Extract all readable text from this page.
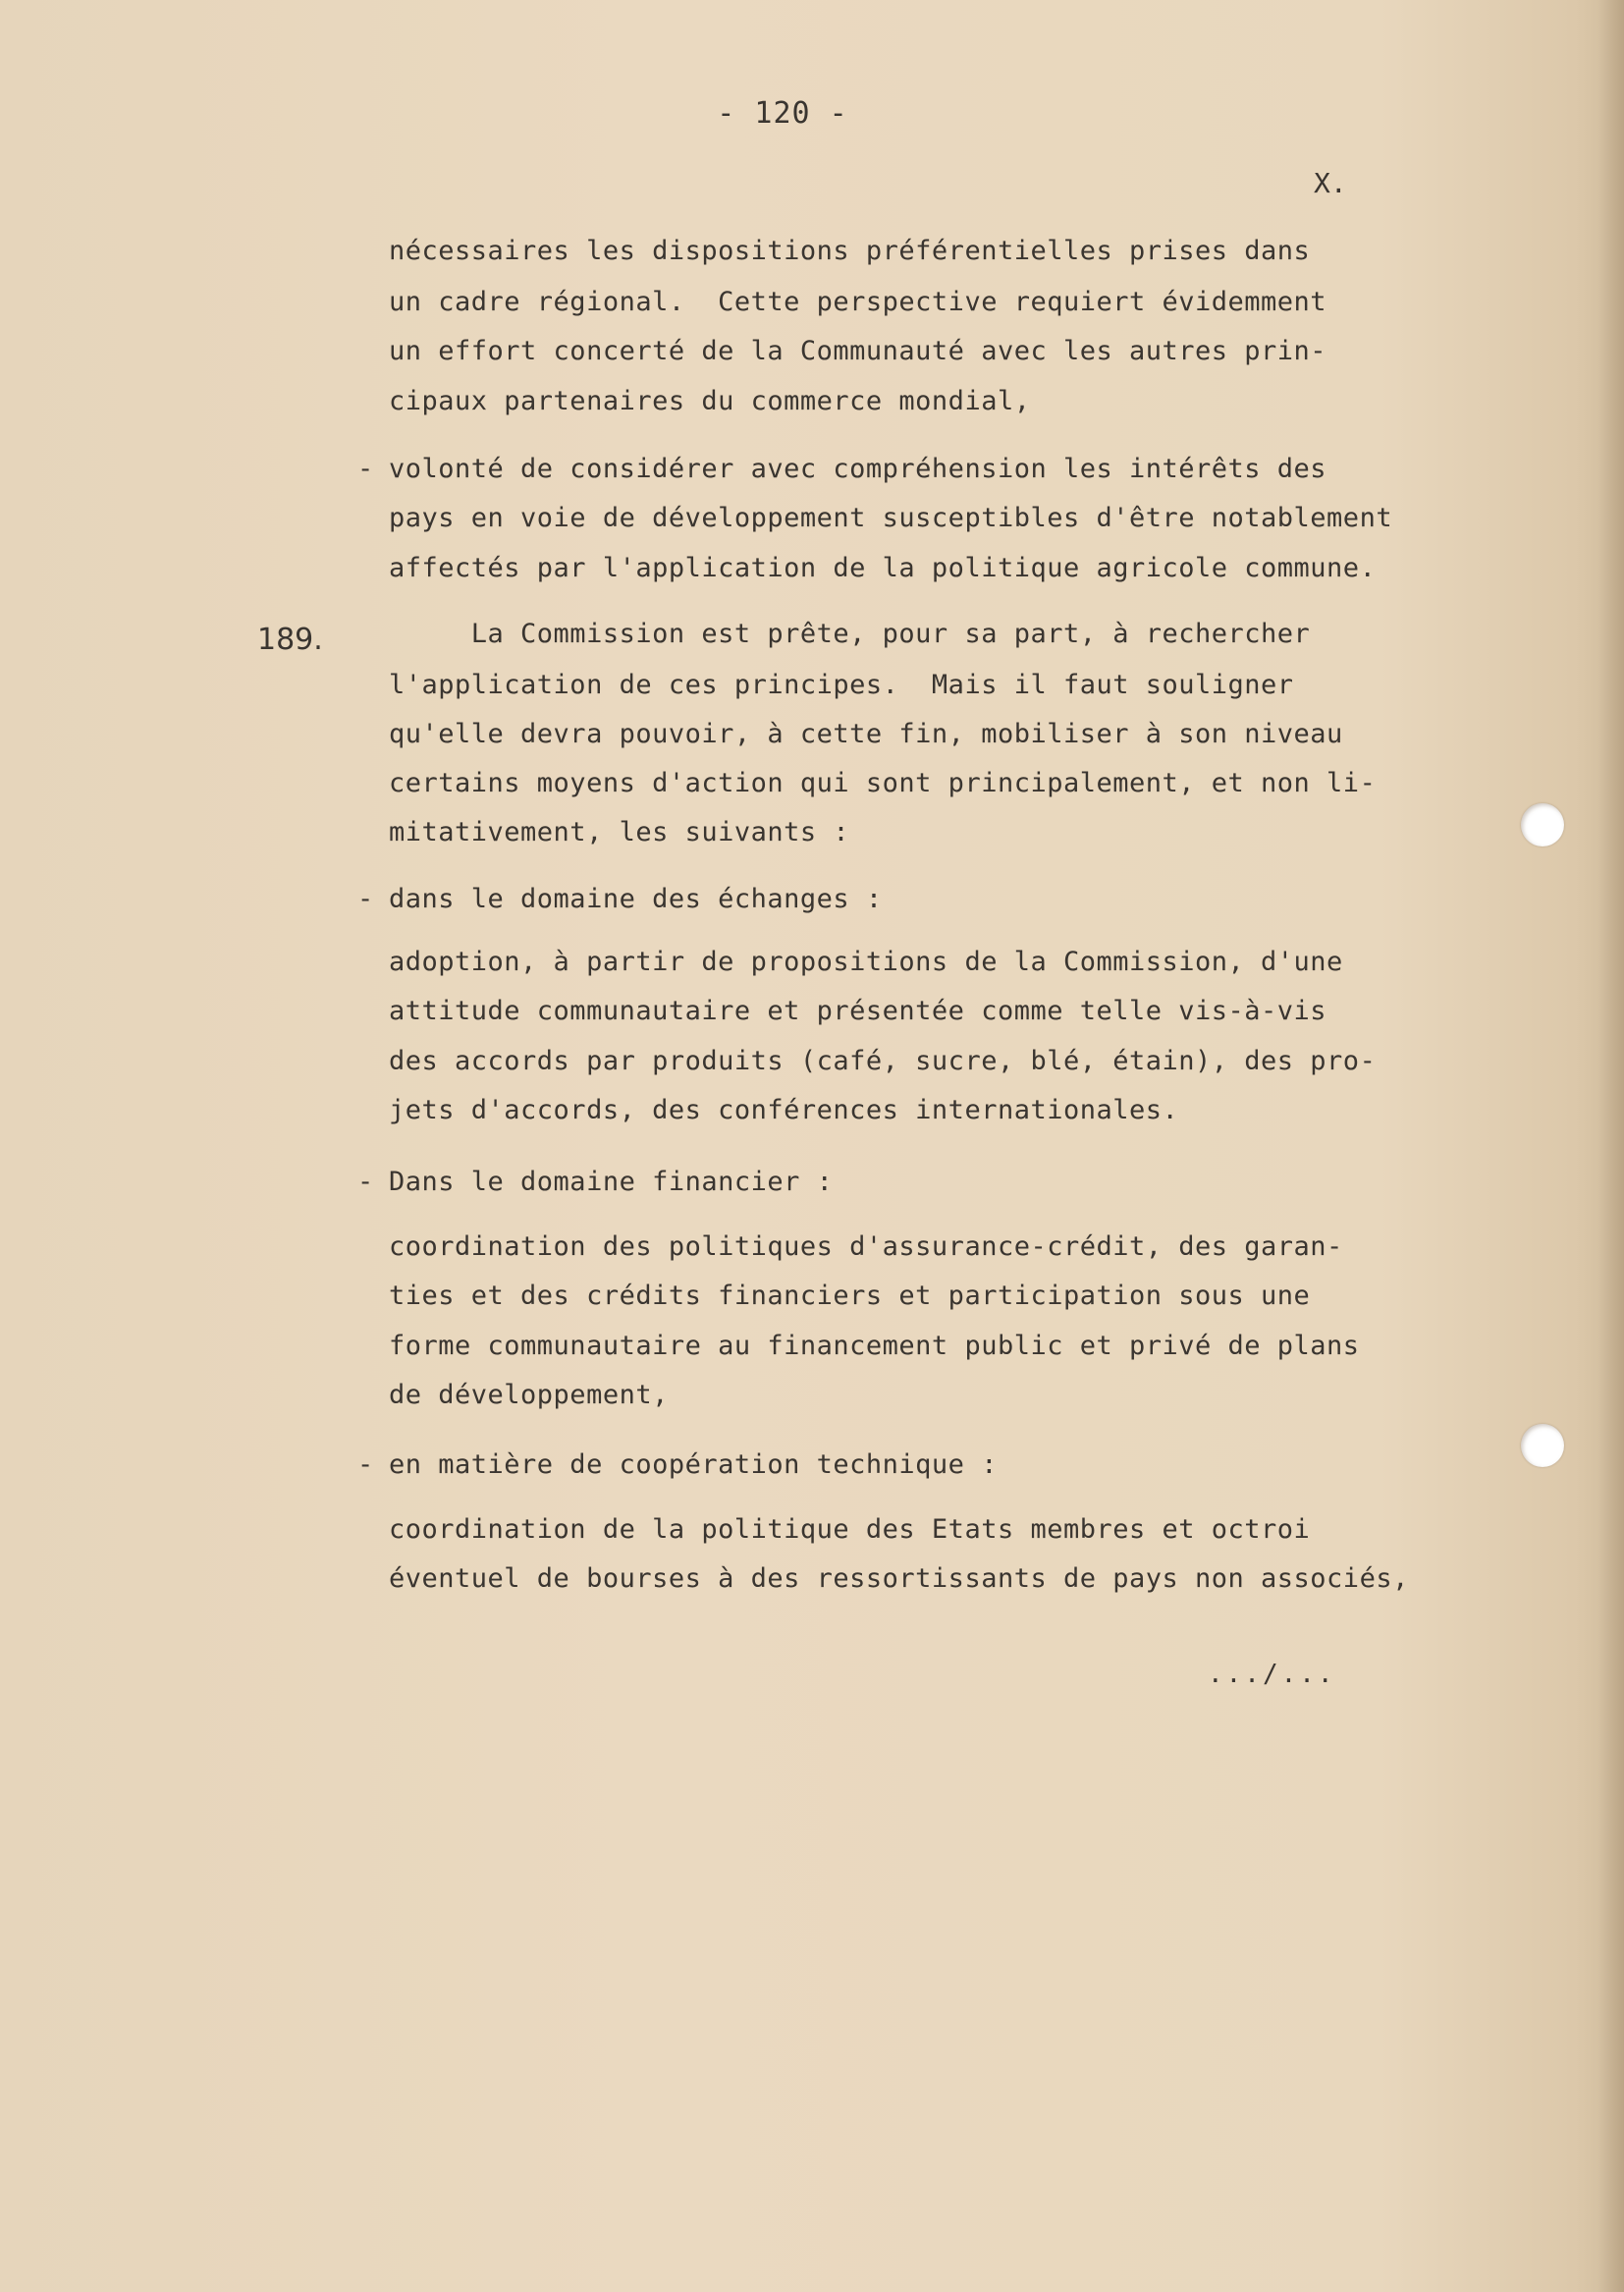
- 120 -
X.
nécessaires les dispositions préférentielles prises dans
un cadre régional.  Cette perspective requiert évidemment
un effort concerté de la Communauté avec les autres prin-
cipaux partenaires du commerce mondial,
- volonté de considérer avec compréhension les intérêts des
pays en voie de développement susceptibles d'être notablement
affectés par l'application de la politique agricole commune.
189. La Commission est prête, pour sa part, à rechercher
l'application de ces principes.  Mais il faut souligner
qu'elle devra pouvoir, à cette fin, mobiliser à son niveau
certains moyens d'action qui sont principalement, et non li-
mitativement, les suivants :
- dans le domaine des échanges :
adoption, à partir de propositions de la Commission, d'une
attitude communautaire et présentée comme telle vis-à-vis
des accords par produits (café, sucre, blé, étain), des pro-
jets d'accords, des conférences internationales.
- Dans le domaine financier :
coordination des politiques d'assurance-crédit, des garan-
ties et des crédits financiers et participation sous une
forme communautaire au financement public et privé de plans
de développement,
- en matière de coopération technique :
coordination de la politique des Etats membres et octroi
éventuel de bourses à des ressortissants de pays non associés,
.../...
